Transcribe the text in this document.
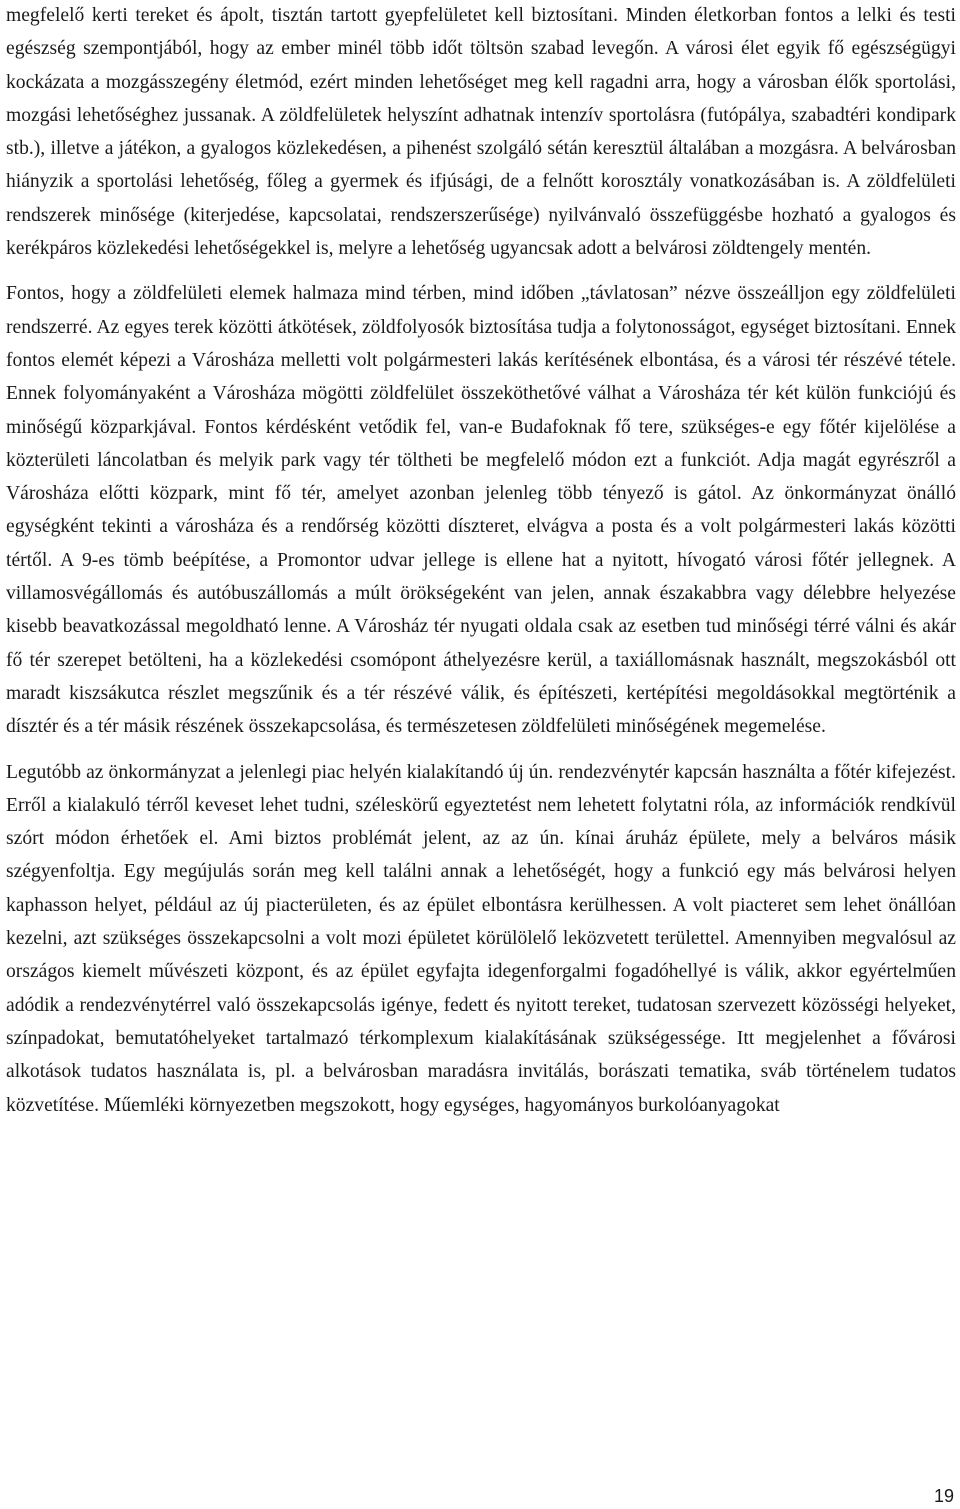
megfelelő kerti tereket és ápolt, tisztán tartott gyepfelületet kell biztosítani. Minden életkorban fontos a lelki és testi egészség szempontjából, hogy az ember minél több időt töltsön szabad levegőn. A városi élet egyik fő egészségügyi kockázata a mozgásszegény életmód, ezért minden lehetőséget meg kell ragadni arra, hogy a városban élők sportolási, mozgási lehetőséghez jussanak. A zöldfelületek helyszínt adhatnak intenzív sportolásra (futópálya, szabadtéri kondipark stb.), illetve a játékon, a gyalogos közlekedésen, a pihenést szolgáló sétán keresztül általában a mozgásra. A belvárosban hiányzik a sportolási lehetőség, főleg a gyermek és ifjúsági, de a felnőtt korosztály vonatkozásában is. A zöldfelületi rendszerek minősége (kiterjedése, kapcsolatai, rendszerszerűsége) nyilvánvaló összefüggésbe hozható a gyalogos és kerékpáros közlekedési lehetőségekkel is, melyre a lehetőség ugyancsak adott a belvárosi zöldtengely mentén.

Fontos, hogy a zöldfelületi elemek halmaza mind térben, mind időben „távlatosan” nézve összeálljon egy zöldfelületi rendszerré. Az egyes terek közötti átkötések, zöldfolyosók biztosítása tudja a folytonosságot, egységet biztosítani. Ennek fontos elemét képezi a Városháza melletti volt polgármesteri lakás kerítésének elbontása, és a városi tér részévé tétele. Ennek folyományaként a Városháza mögötti zöldfelület összeköthetővé válhat a Városháza tér két külön funkciójú és minőségű közparkjával. Fontos kérdésként vetődik fel, van-e Budafoknak fő tere, szükséges-e egy főtér kijelölése a közterületi láncolatban és melyik park vagy tér töltheti be megfelelő módon ezt a funkciót. Adja magát egyrészről a Városháza előtti közpark, mint fő tér, amelyet azonban jelenleg több tényező is gátol. Az önkormányzat önálló egységként tekinti a városháza és a rendőrség közötti díszteret, elvágva a posta és a volt polgármesteri lakás közötti tértől. A 9-es tömb beépítése, a Promontor udvar jellege is ellene hat a nyitott, hívogató városi főtér jellegnek. A villamosvégállomás és autóbuszállomás a múlt örökségeként van jelen, annak északabbra vagy délebbre helyezése kisebb beavatkozással megoldható lenne. A Városház tér nyugati oldala csak az esetben tud minőségi térré válni és akár fő tér szerepet betölteni, ha a közlekedési csomópont áthelyezésre kerül, a taxiállomásnak használt, megszokásból ott maradt kiszsákutca részlet megszűnik és a tér részévé válik, és építészeti, kertépítési megoldásokkal megtörténik a dísztér és a tér másik részének összekapcsolása, és természetesen zöldfelületi minőségének megemelése.

Legutóbb az önkormányzat a jelenlegi piac helyén kialakítandó új ún. rendezvénytér kapcsán használta a főtér kifejezést. Erről a kialakuló térről keveset lehet tudni, széleskörű egyeztetést nem lehetett folytatni róla, az információk rendkívül szórt módon érhetőek el. Ami biztos problémát jelent, az az ún. kínai áruház épülete, mely a belváros másik szégyenfoltja. Egy megújulás során meg kell találni annak a lehetőségét, hogy a funkció egy más belvárosi helyen kaphasson helyet, például az új piacterületen, és az épület elbontásra kerülhessen. A volt piacteret sem lehet önállóan kezelni, azt szükséges összekapcsolni a volt mozi épületet körülölelő leközvetett területtel. Amennyiben megvalósul az országos kiemelt művészeti központ, és az épület egyfajta idegenforgalmi fogadóhellyé is válik, akkor egyértelműen adódik a rendezvénytérrel való összekapcsolás igénye, fedett és nyitott tereket, tudatosan szervezett közösségi helyeket, színpadokat, bemutatóhelyeket tartalmazó térkomplexum kialakításának szükségessége. Itt megjelenhet a fővárosi alkotások tudatos használata is, pl. a belvárosban maradásra invitálás, borászati tematika, sváb történelem tudatos közvetítése. Műemléki környezetben megszokott, hogy egységes, hagyományos burkolóanyagokat

19
